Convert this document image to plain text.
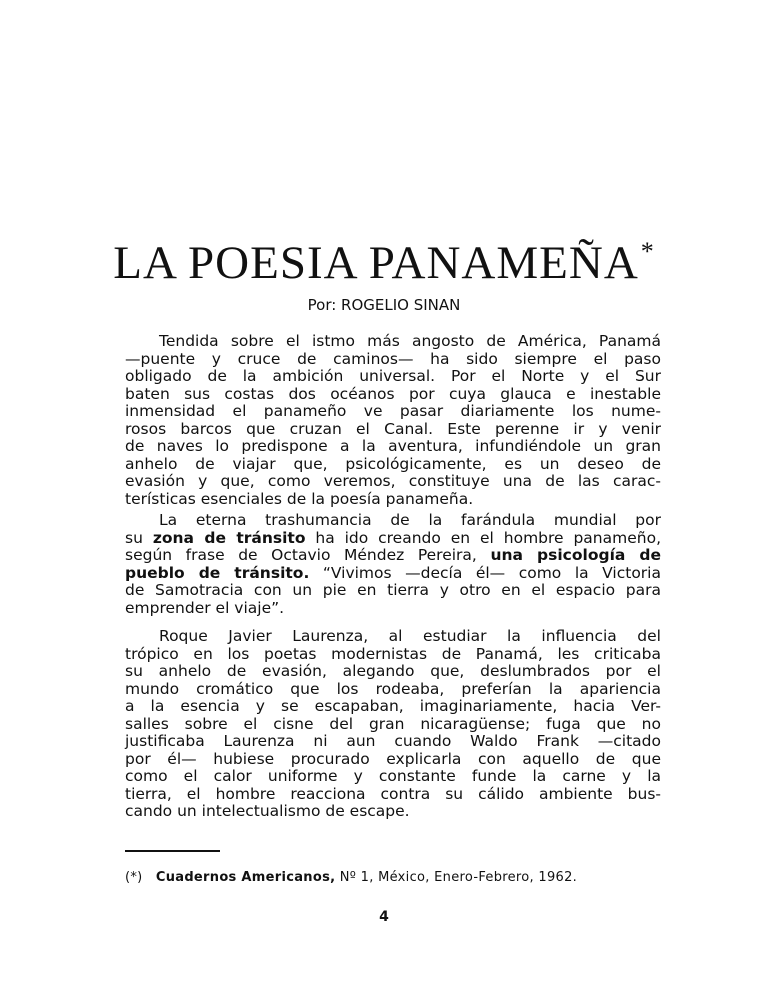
LA POESIA PANAMEÑA*
Por: ROGELIO SINAN
Tendida sobre el istmo más angosto de América, Panamá
—puente y cruce de caminos— ha sido siempre el paso
obligado de la ambición universal. Por el Norte y el Sur
baten sus costas dos océanos por cuya glauca e inestable
inmensidad el panameño ve pasar diariamente los nume-
rosos barcos que cruzan el Canal. Este perenne ir y venir
de naves lo predispone a la aventura, infundiéndole un gran
anhelo de viajar que, psicológicamente, es un deseo de
evasión y que, como veremos, constituye una de las carac-
terísticas esenciales de la poesía panameña.
La eterna trashumancia de la farándula mundial por
su zona de tránsito ha ido creando en el hombre panameño,
según frase de Octavio Méndez Pereira, una psicología de
pueblo de tránsito. “Vivimos —decía él— como la Victoria
de Samotracia con un pie en tierra y otro en el espacio para
emprender el viaje”.
Roque Javier Laurenza, al estudiar la influencia del
trópico en los poetas modernistas de Panamá, les criticaba
su anhelo de evasión, alegando que, deslumbrados por el
mundo cromático que los rodeaba, preferían la apariencia
a la esencia y se escapaban, imaginariamente, hacia Ver-
salles sobre el cisne del gran nicaragüense; fuga que no
justificaba Laurenza ni aun cuando Waldo Frank —citado
por él— hubiese procurado explicarla con aquello de que
como el calor uniforme y constante funde la carne y la
tierra, el hombre reacciona contra su cálido ambiente bus-
cando un intelectualismo de escape.
(*) Cuadernos Americanos, Nº 1, México, Enero-Febrero, 1962.
4
